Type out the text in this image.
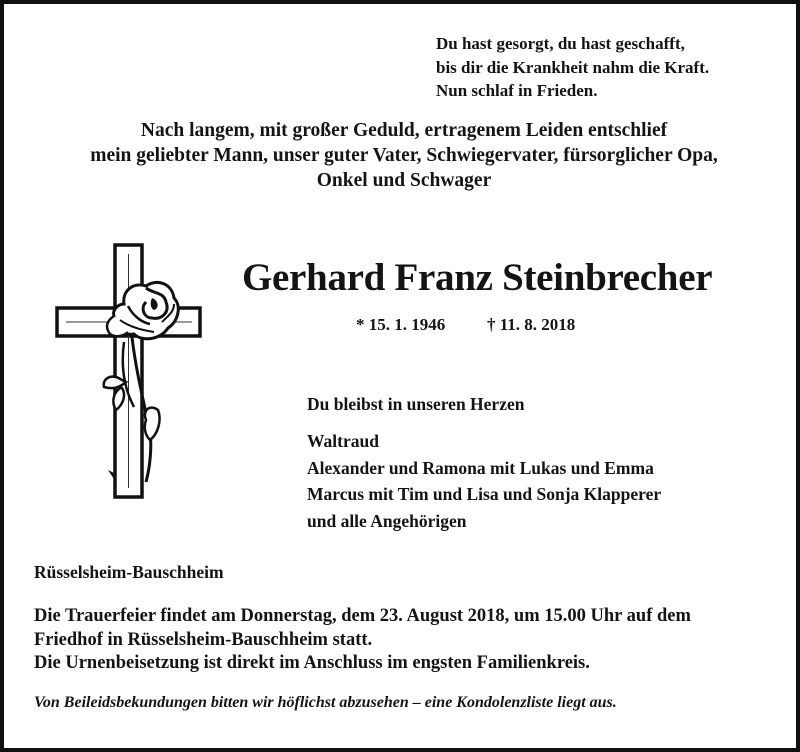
Du hast gesorgt, du hast geschafft,
bis dir die Krankheit nahm die Kraft.
Nun schlaf in Frieden.
Nach langem, mit großer Geduld, ertragenem Leiden entschlief
mein geliebter Mann, unser guter Vater, Schwiegervater, fürsorglicher Opa,
Onkel und Schwager
Gerhard Franz Steinbrecher
* 15. 1. 1946 † 11. 8. 2018
Du bleibst in unseren Herzen
Waltraud
Alexander und Ramona mit Lukas und Emma
Marcus mit Tim und Lisa und Sonja Klapperer
und alle Angehörigen
Rüsselsheim-Bauschheim
Die Trauerfeier findet am Donnerstag, dem 23. August 2018, um 15.00 Uhr auf dem
Friedhof in Rüsselsheim-Bauschheim statt.
Die Urnenbeisetzung ist direkt im Anschluss im engsten Familienkreis.
Von Beileidsbekundungen bitten wir höflichst abzusehen – eine Kondolenzliste liegt aus.
